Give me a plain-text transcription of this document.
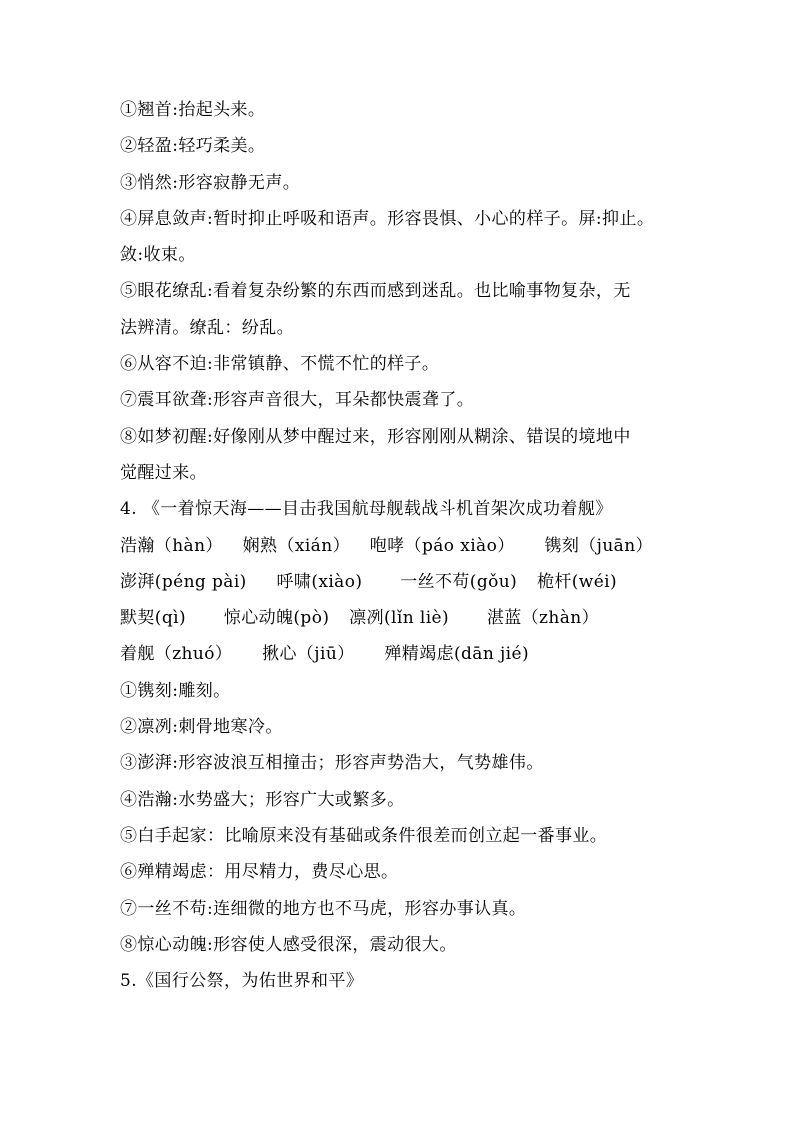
①翘首:抬起头来。
②轻盈:轻巧柔美。
③悄然:形容寂静无声。
④屏息敛声:暂时抑止呼吸和语声。形容畏惧、小心的样子。屏:抑止。
敛:收束。
⑤眼花缭乱:看着复杂纷繁的东西而感到迷乱。也比喻事物复杂，无
法辨清。缭乱：纷乱。
⑥从容不迫:非常镇静、不慌不忙的样子。
⑦震耳欲聋:形容声音很大，耳朵都快震聋了。
⑧如梦初醒:好像刚从梦中醒过来，形容刚刚从糊涂、错误的境地中
觉醒过来。
4. 《一着惊天海——目击我国航母舰载战斗机首架次成功着舰》
浩瀚（hàn） 娴熟（xián） 咆哮（páo xiào） 镌刻（juān）
澎湃(péng pài) 呼啸(xiào) 一丝不苟(gǒu) 桅杆(wéi)
默契(qì) 惊心动魄(pò) 凛冽(lǐn liè) 湛蓝（zhàn）
着舰（zhuó） 揪心（jiū） 殚精竭虑(dān jié)
①镌刻:雕刻。
②凛冽:刺骨地寒冷。
③澎湃:形容波浪互相撞击；形容声势浩大，气势雄伟。
④浩瀚:水势盛大；形容广大或繁多。
⑤白手起家：比喻原来没有基础或条件很差而创立起一番事业。
⑥殚精竭虑：用尽精力，费尽心思。
⑦一丝不苟:连细微的地方也不马虎，形容办事认真。
⑧惊心动魄:形容使人感受很深，震动很大。
5.《国行公祭，为佑世界和平》
